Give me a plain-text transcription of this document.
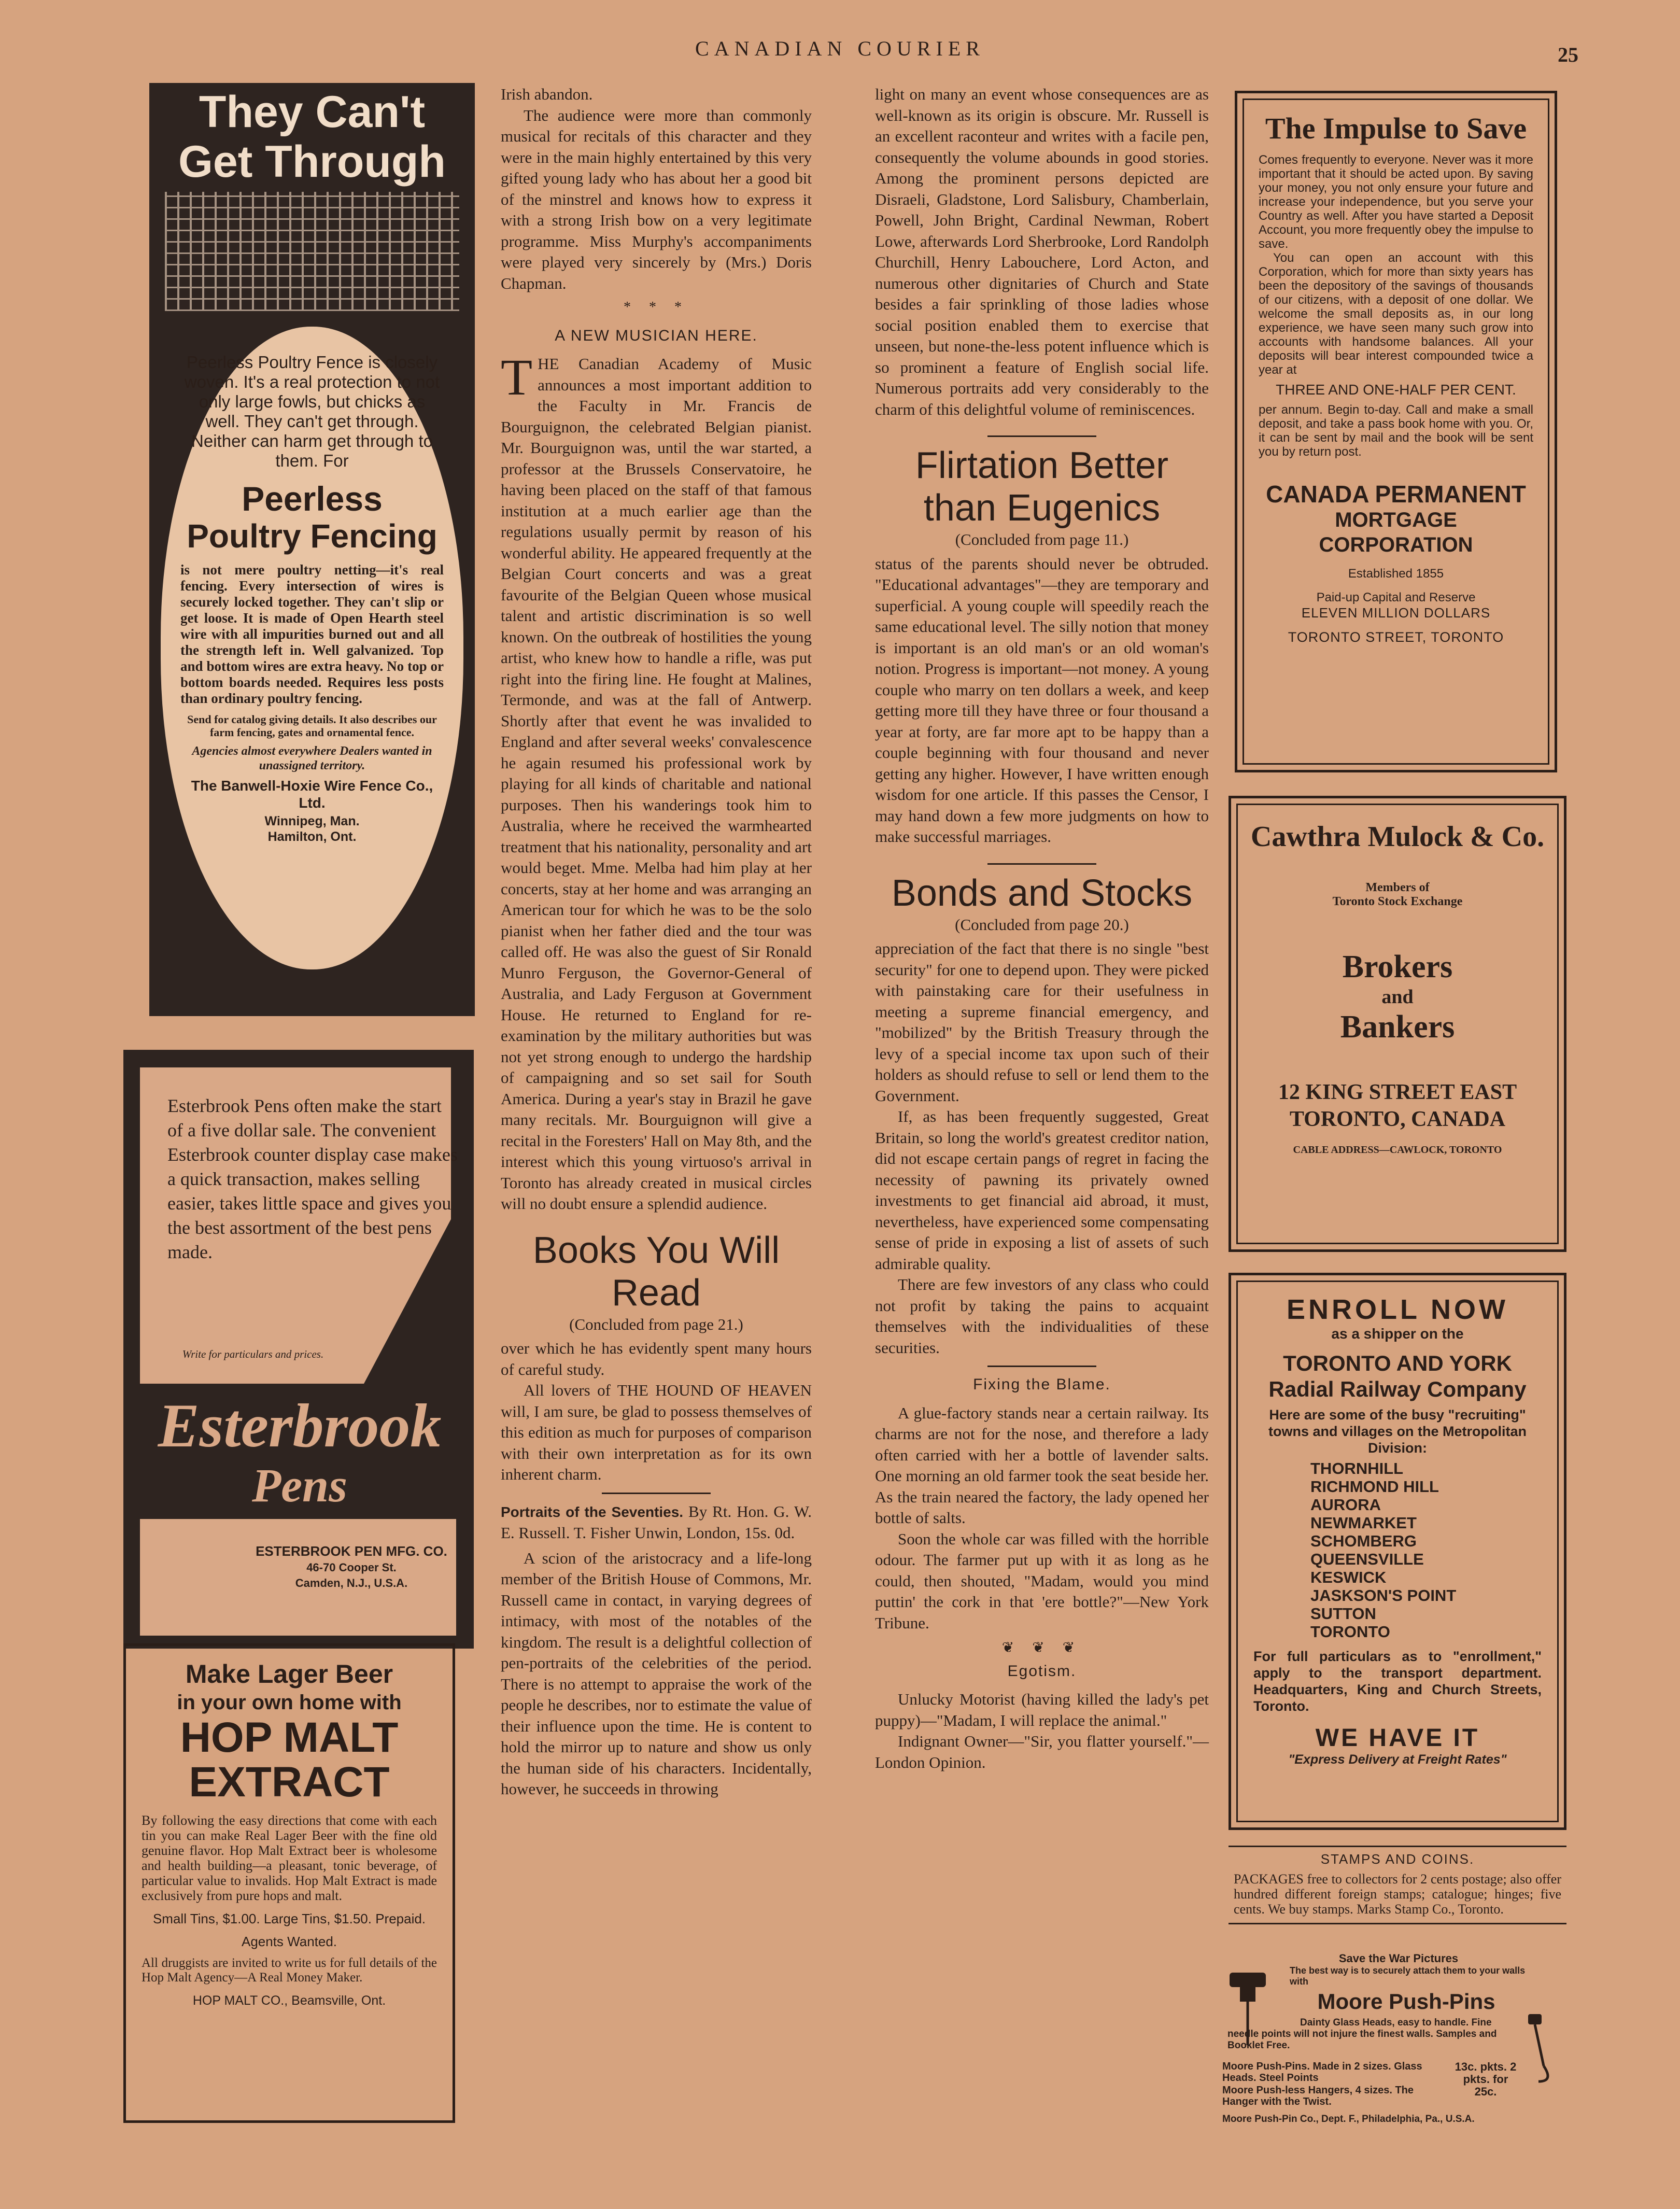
CANADIAN COURIER	25
They Can't
Get Through
Peerless Poultry Fence is closely woven. It's a real protection to not only large fowls, but chicks as well. They can't get through. Neither can harm get through to them. For
Peerless
Poultry Fencing
is not mere poultry netting—it's real fencing. Every intersection of wires is securely locked together. They can't slip or get loose. It is made of Open Hearth steel wire with all impurities burned out and all the strength left in. Well galvanized. Top and bottom wires are extra heavy. No top or bottom boards needed. Requires less posts than ordinary poultry fencing.
Send for catalog giving details. It also describes our farm fencing, gates and ornamental fence.
Agencies almost everywhere Dealers wanted in unassigned territory.
The Banwell-Hoxie Wire Fence Co., Ltd.
Winnipeg, Man. Hamilton, Ont.
Esterbrook Pens often make the start of a five dollar sale. The convenient Esterbrook counter display case makes a quick transaction, makes selling easier, takes little space and gives you the best assortment of the best pens made.
Write for particulars and prices.
Esterbrook
Pens
ESTERBROOK PEN MFG. CO.
46-70 Cooper St.
Camden, N.J., U.S.A.
Make Lager Beer
in your own home with
HOP MALT
EXTRACT
By following the easy directions that come with each tin you can make Real Lager Beer with the fine old genuine flavor. Hop Malt Extract beer is wholesome and health building—a pleasant, tonic beverage, of particular value to invalids. Hop Malt Extract is made exclusively from pure hops and malt.
Small Tins, $1.00. Large Tins, $1.50. Prepaid.
Agents Wanted.
All druggists are invited to write us for full details of the Hop Malt Agency—A Real Money Maker.
HOP MALT CO., Beamsville, Ont.

Irish abandon.

The audience were more than commonly musical for recitals of this character and they were in the main highly entertained by this very gifted young lady who has about her a good bit of the minstrel and knows how to express it with a strong Irish bow on a very legitimate programme. Miss Murphy's accompaniments were played very sincerely by (Mrs.) Doris Chapman.

* * *
A NEW MUSICIAN HERE.

THE Canadian Academy of Music announces a most important addition to the Faculty in Mr. Francis de Bourguignon, the celebrated Belgian pianist. Mr. Bourguignon was, until the war started, a professor at the Brussels Conservatoire, he having been placed on the staff of that famous institution at a much earlier age than the regulations usually permit by reason of his wonderful ability. He appeared frequently at the Belgian Court concerts and was a great favourite of the Belgian Queen whose musical talent and artistic discrimination is so well known. On the outbreak of hostilities the young artist, who knew how to handle a rifle, was put right into the firing line. He fought at Malines, Termonde, and was at the fall of Antwerp. Shortly after that event he was invalided to England and after several weeks' convalescence he again resumed his professional work by playing for all kinds of charitable and national purposes. Then his wanderings took him to Australia, where he received the warmhearted treatment that his nationality, personality and art would beget. Mme. Melba had him play at her concerts, stay at her home and was arranging an American tour for which he was to be the solo pianist when her father died and the tour was called off. He was also the guest of Sir Ronald Munro Ferguson, the Governor-General of Australia, and Lady Ferguson at Government House. He returned to England for re-examination by the military authorities but was not yet strong enough to undergo the hardship of campaigning and so set sail for South America. During a year's stay in Brazil he gave many recitals. Mr. Bourguignon will give a recital in the Foresters' Hall on May 8th, and the interest which this young virtuoso's arrival in Toronto has already created in musical circles will no doubt ensure a splendid audience.

Books You Will Read
(Concluded from page 21.)

over which he has evidently spent many hours of careful study.

All lovers of THE HOUND OF HEAVEN will, I am sure, be glad to possess themselves of this edition as much for purposes of comparison with their own interpretation as for its own inherent charm.

Portraits of the Seventies. By Rt. Hon. G. W. E. Russell. T. Fisher Unwin, London, 15s. 0d.

A scion of the aristocracy and a life-long member of the British House of Commons, Mr. Russell came in contact, in varying degrees of intimacy, with most of the notables of the kingdom. The result is a delightful collection of pen-portraits of the celebrities of the period. There is no attempt to appraise the work of the people he describes, nor to estimate the value of their influence upon the time. He is content to hold the mirror up to nature and show us only the human side of his characters. Incidentally, however, he succeeds in throwing

light on many an event whose consequences are as well-known as its origin is obscure. Mr. Russell is an excellent raconteur and writes with a facile pen, consequently the volume abounds in good stories. Among the prominent persons depicted are Disraeli, Gladstone, Lord Salisbury, Chamberlain, Powell, John Bright, Cardinal Newman, Robert Lowe, afterwards Lord Sherbrooke, Lord Randolph Churchill, Henry Labouchere, Lord Acton, and numerous other dignitaries of Church and State besides a fair sprinkling of those ladies whose social position enabled them to exercise that unseen, but none-the-less potent influence which is so prominent a feature of English social life. Numerous portraits add very considerably to the charm of this delightful volume of reminiscences.

Flirtation Better than Eugenics
(Concluded from page 11.)

status of the parents should never be obtruded. "Educational advantages"—they are temporary and superficial. A young couple will speedily reach the same educational level. The silly notion that money is important is an old man's or an old woman's notion. Progress is important—not money. A young couple who marry on ten dollars a week, and keep getting more till they have three or four thousand a year at forty, are far more apt to be happy than a couple beginning with four thousand and never getting any higher. However, I have written enough wisdom for one article. If this passes the Censor, I may hand down a few more judgments on how to make successful marriages.

Bonds and Stocks
(Concluded from page 20.)

appreciation of the fact that there is no single "best security" for one to depend upon. They were picked with painstaking care for their usefulness in meeting a supreme financial emergency, and "mobilized" by the British Treasury through the levy of a special income tax upon such of their holders as should refuse to sell or lend them to the Government.

If, as has been frequently suggested, Great Britain, so long the world's greatest creditor nation, did not escape certain pangs of regret in facing the necessity of pawning its privately owned investments to get financial aid abroad, it must, nevertheless, have experienced some compensating sense of pride in exposing a list of assets of such admirable quality.

There are few investors of any class who could not profit by taking the pains to acquaint themselves with the individualities of these securities.

Fixing the Blame.

A glue-factory stands near a certain railway. Its charms are not for the nose, and therefore a lady often carried with her a bottle of lavender salts. One morning an old farmer took the seat beside her. As the train neared the factory, the lady opened her bottle of salts.

Soon the whole car was filled with the horrible odour. The farmer put up with it as long as he could, then shouted, "Madam, would you mind puttin' the cork in that 'ere bottle?"—New York Tribune.

❦ ❦ ❦
Egotism.

Unlucky Motorist (having killed the lady's pet puppy)—"Madam, I will replace the animal."

Indignant Owner—"Sir, you flatter yourself."—London Opinion.

The Impulse to Save
Comes frequently to everyone. Never was it more important that it should be acted upon. By saving your money, you not only ensure your future and increase your independence, but you serve your Country as well. After you have started a Deposit Account, you more frequently obey the impulse to save.
You can open an account with this Corporation, which for more than sixty years has been the depository of the savings of thousands of our citizens, with a deposit of one dollar. We welcome the small deposits as, in our long experience, we have seen many such grow into accounts with handsome balances. All your deposits will bear interest compounded twice a year at
THREE AND ONE-HALF PER CENT.
per annum. Begin to-day. Call and make a small deposit, and take a pass book home with you. Or, it can be sent by mail and the book will be sent you by return post.
CANADA PERMANENT
MORTGAGE CORPORATION
Established 1855
Paid-up Capital and Reserve
ELEVEN MILLION DOLLARS
TORONTO STREET, TORONTO
Cawthra Mulock & Co.
Members of
Toronto Stock Exchange
Brokers
and
Bankers
12 KING STREET EAST
TORONTO, CANADA
CABLE ADDRESS—CAWLOCK, TORONTO
ENROLL NOW
as a shipper on the
TORONTO AND YORK
Radial Railway Company
Here are some of the busy "recruiting" towns and villages on the Metropolitan Division:
THORNHILL
RICHMOND HILL
AURORA
NEWMARKET
SCHOMBERG
QUEENSVILLE
KESWICK
JASKSON'S POINT
SUTTON
TORONTO
For full particulars as to "enrollment," apply to the transport department. Headquarters, King and Church Streets, Toronto.
WE HAVE IT
"Express Delivery at Freight Rates"
STAMPS AND COINS.
PACKAGES free to collectors for 2 cents postage; also offer hundred different foreign stamps; catalogue; hinges; five cents. We buy stamps. Marks Stamp Co., Toronto.
Save the War Pictures
The best way is to securely attach them to your walls with
Moore Push-Pins
Dainty Glass Heads, easy to handle. Fine needle points will not injure the finest walls. Samples and Booklet Free.
Moore Push-Pins. Made in 2 sizes. Glass Heads. Steel Points
Moore Push-less Hangers, 4 sizes. The Hanger with the Twist.
13c. pkts. 2 pkts. for 25c.
Moore Push-Pin Co., Dept. F., Philadelphia, Pa., U.S.A.
